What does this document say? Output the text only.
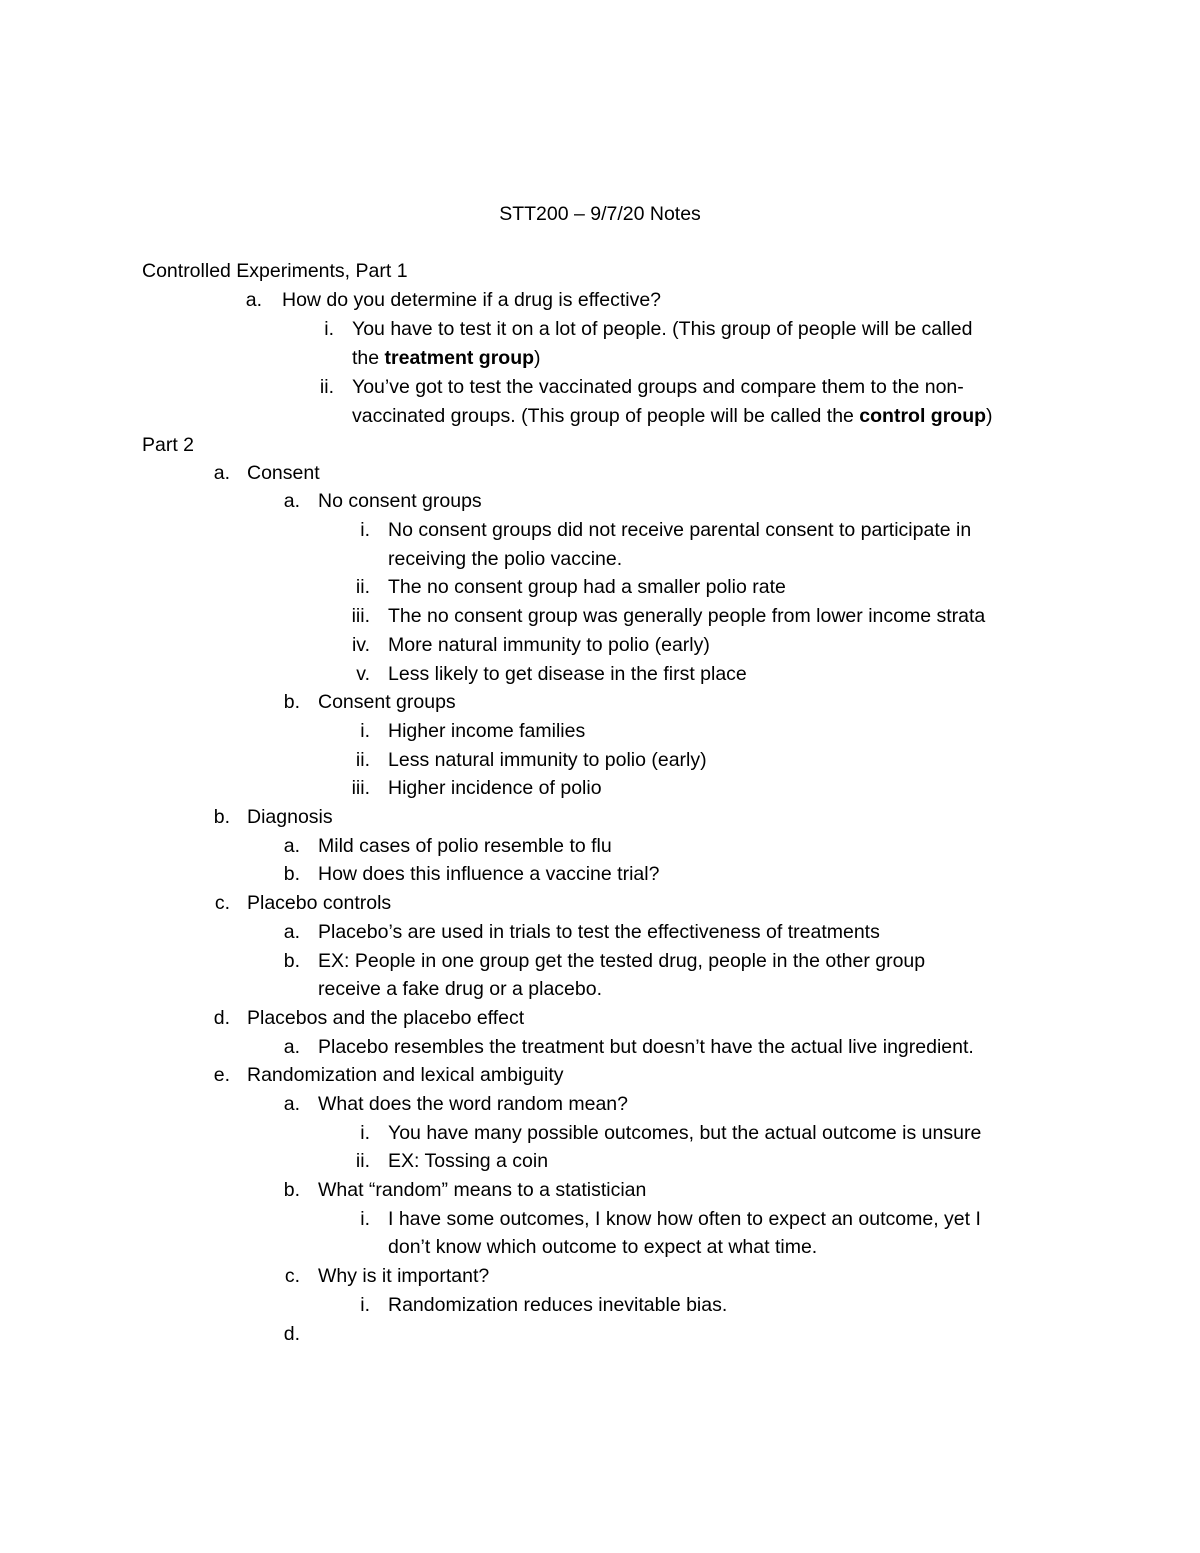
STT200 – 9/7/20 Notes
Controlled Experiments, Part 1
a. How do you determine if a drug is effective?
i. You have to test it on a lot of people. (This group of people will be called
the treatment group)
ii. You’ve got to test the vaccinated groups and compare them to the non-
vaccinated groups. (This group of people will be called the control group)
Part 2
a. Consent
a. No consent groups
i. No consent groups did not receive parental consent to participate in
receiving the polio vaccine.
ii. The no consent group had a smaller polio rate
iii. The no consent group was generally people from lower income strata
iv. More natural immunity to polio (early)
v. Less likely to get disease in the first place
b. Consent groups
i. Higher income families
ii. Less natural immunity to polio (early)
iii. Higher incidence of polio
b. Diagnosis
a. Mild cases of polio resemble to flu
b. How does this influence a vaccine trial?
c. Placebo controls
a. Placebo’s are used in trials to test the effectiveness of treatments
b. EX: People in one group get the tested drug, people in the other group
receive a fake drug or a placebo.
d. Placebos and the placebo effect
a. Placebo resembles the treatment but doesn’t have the actual live ingredient.
e. Randomization and lexical ambiguity
a. What does the word random mean?
i. You have many possible outcomes, but the actual outcome is unsure
ii. EX: Tossing a coin
b. What “random” means to a statistician
i. I have some outcomes, I know how often to expect an outcome, yet I
don’t know which outcome to expect at what time.
c. Why is it important?
i. Randomization reduces inevitable bias.
d.
